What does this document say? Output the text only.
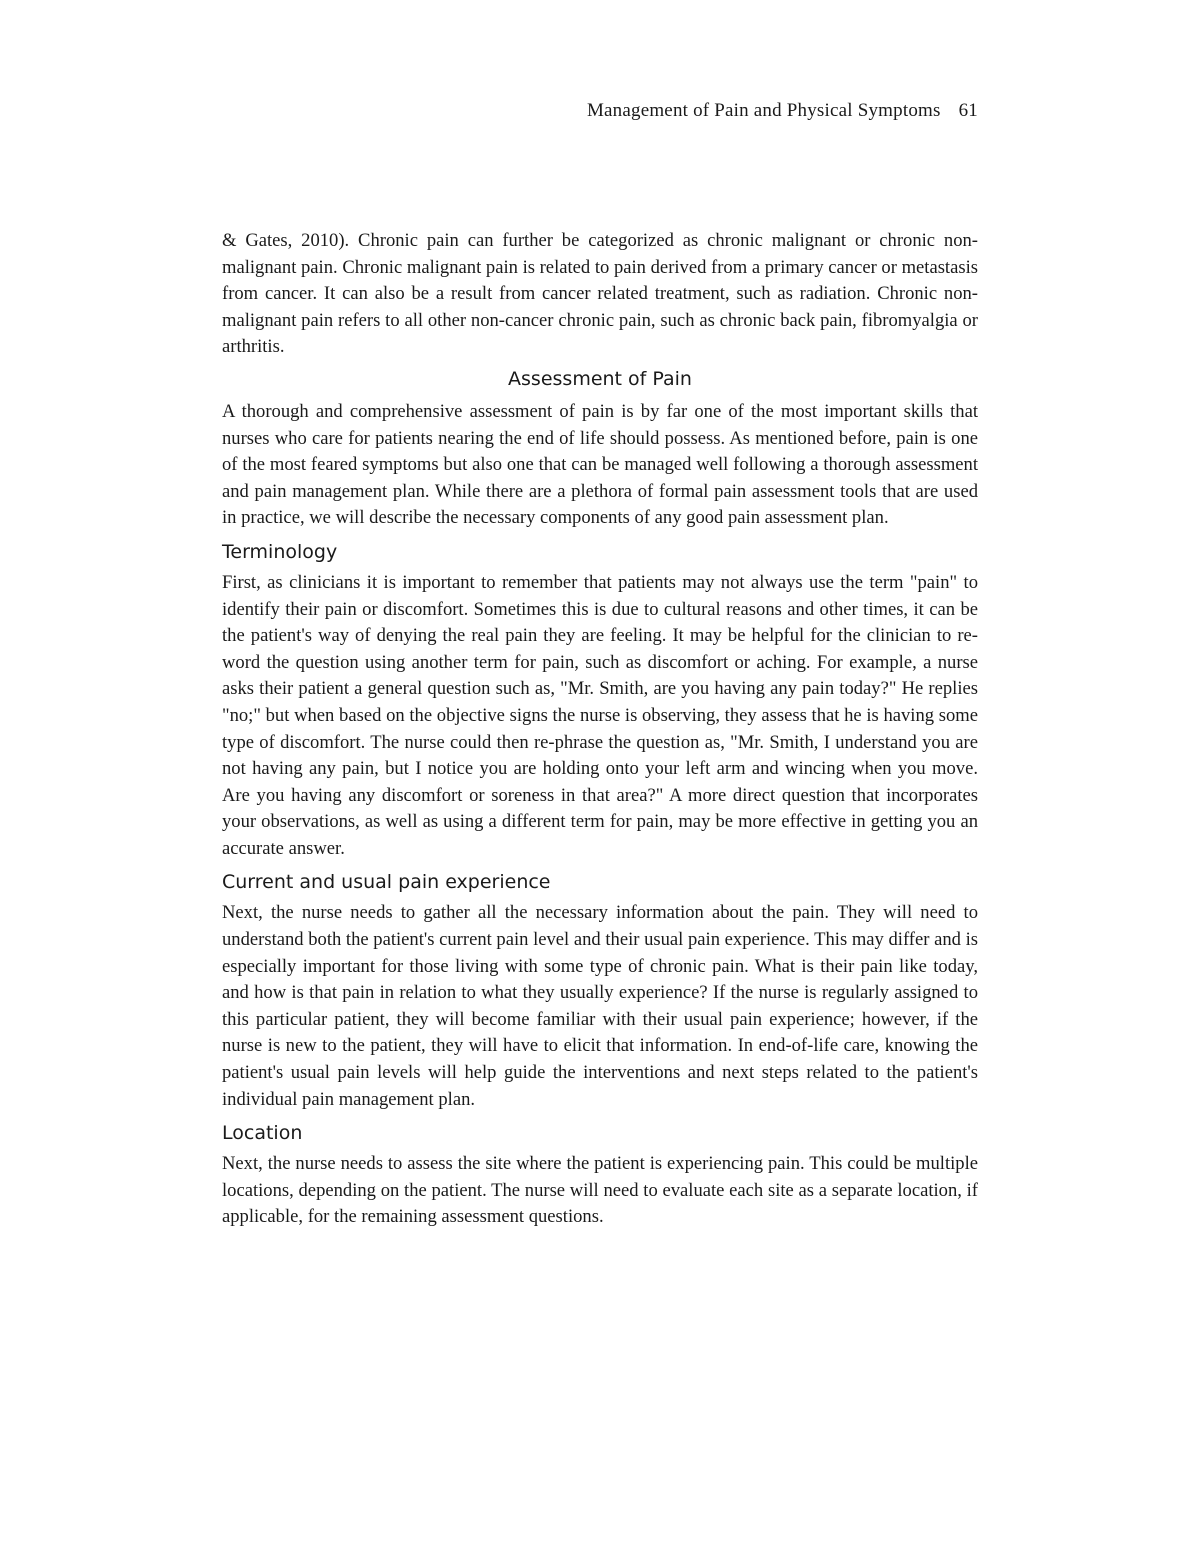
Management of Pain and Physical Symptoms 61

& Gates, 2010). Chronic pain can further be categorized as chronic malignant or chronic non-malignant pain. Chronic malignant pain is related to pain derived from a primary cancer or metastasis from cancer. It can also be a result from cancer related treatment, such as radiation. Chronic non-malignant pain refers to all other non-cancer chronic pain, such as chronic back pain, fibromyalgia or arthritis.

Assessment of Pain

A thorough and comprehensive assessment of pain is by far one of the most important skills that nurses who care for patients nearing the end of life should possess. As mentioned before, pain is one of the most feared symptoms but also one that can be managed well following a thorough assessment and pain management plan. While there are a plethora of formal pain assessment tools that are used in practice, we will describe the necessary components of any good pain assessment plan.

Terminology

First, as clinicians it is important to remember that patients may not always use the term "pain" to identify their pain or discomfort. Sometimes this is due to cultural reasons and other times, it can be the patient's way of denying the real pain they are feeling. It may be helpful for the clinician to re-word the question using another term for pain, such as discomfort or aching. For example, a nurse asks their patient a general question such as, "Mr. Smith, are you having any pain today?" He replies "no;" but when based on the objective signs the nurse is observing, they assess that he is having some type of discomfort. The nurse could then re-phrase the question as, "Mr. Smith, I understand you are not having any pain, but I notice you are holding onto your left arm and wincing when you move. Are you having any discomfort or soreness in that area?" A more direct question that incorporates your observations, as well as using a different term for pain, may be more effective in getting you an accurate answer.

Current and usual pain experience

Next, the nurse needs to gather all the necessary information about the pain. They will need to understand both the patient's current pain level and their usual pain experience. This may differ and is especially important for those living with some type of chronic pain. What is their pain like today, and how is that pain in relation to what they usually experience? If the nurse is regularly assigned to this particular patient, they will become familiar with their usual pain experience; however, if the nurse is new to the patient, they will have to elicit that information. In end-of-life care, knowing the patient's usual pain levels will help guide the interventions and next steps related to the patient's individual pain management plan.

Location

Next, the nurse needs to assess the site where the patient is experiencing pain. This could be multiple locations, depending on the patient. The nurse will need to evaluate each site as a separate location, if applicable, for the remaining assessment questions.
